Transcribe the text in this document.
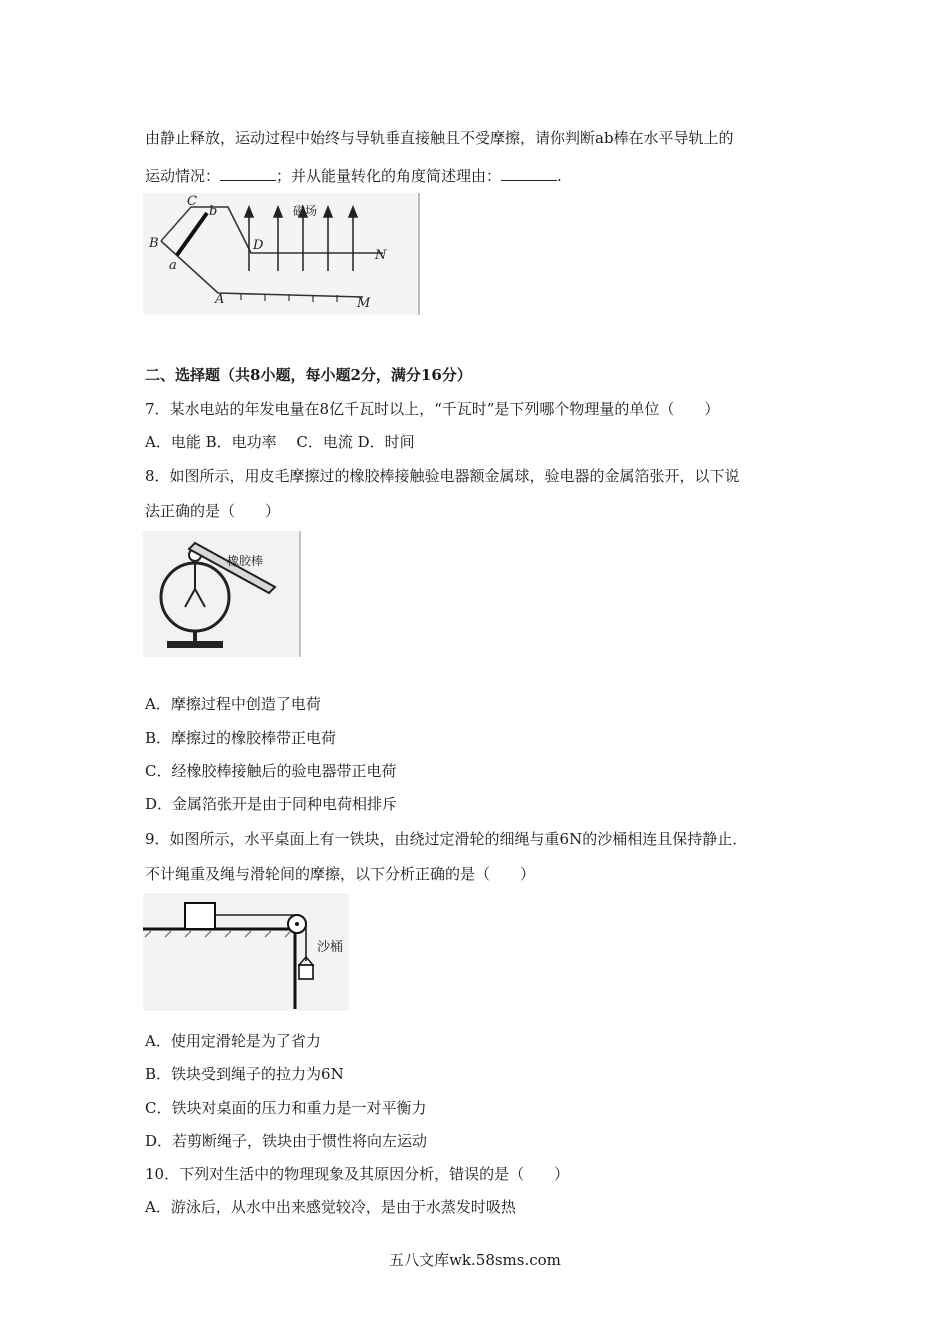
由静止释放，运动过程中始终与导轨垂直接触且不受摩擦，请你判断ab棒在水平导轨上的
运动情况：	；并从能量转化的角度简述理由：	.
C
b
B
a
D
N
A	M
磁场
二、选择题（共8小题，每小题2分，满分16分）
7．某水电站的年发电量在8亿千瓦时以上，“千瓦时”是下列哪个物理量的单位（　　）
A．电能 B．电功率　 C．电流 D．时间
8．如图所示，用皮毛摩擦过的橡胶棒接触验电器额金属球，验电器的金属箔张开，以下说
法正确的是（　　）
橡胶棒
A．摩擦过程中创造了电荷
B．摩擦过的橡胶棒带正电荷
C．经橡胶棒接触后的验电器带正电荷
D．金属箔张开是由于同种电荷相排斥
9．如图所示，水平桌面上有一铁块，由绕过定滑轮的细绳与重6N的沙桶相连且保持静止．
不计绳重及绳与滑轮间的摩擦，以下分析正确的是（　　）
沙桶
A．使用定滑轮是为了省力
B．铁块受到绳子的拉力为6N
C．铁块对桌面的压力和重力是一对平衡力
D．若剪断绳子，铁块由于惯性将向左运动
10．下列对生活中的物理现象及其原因分析，错误的是（　　）
A．游泳后，从水中出来感觉较冷，是由于水蒸发时吸热
五八文库wk.58sms.com
